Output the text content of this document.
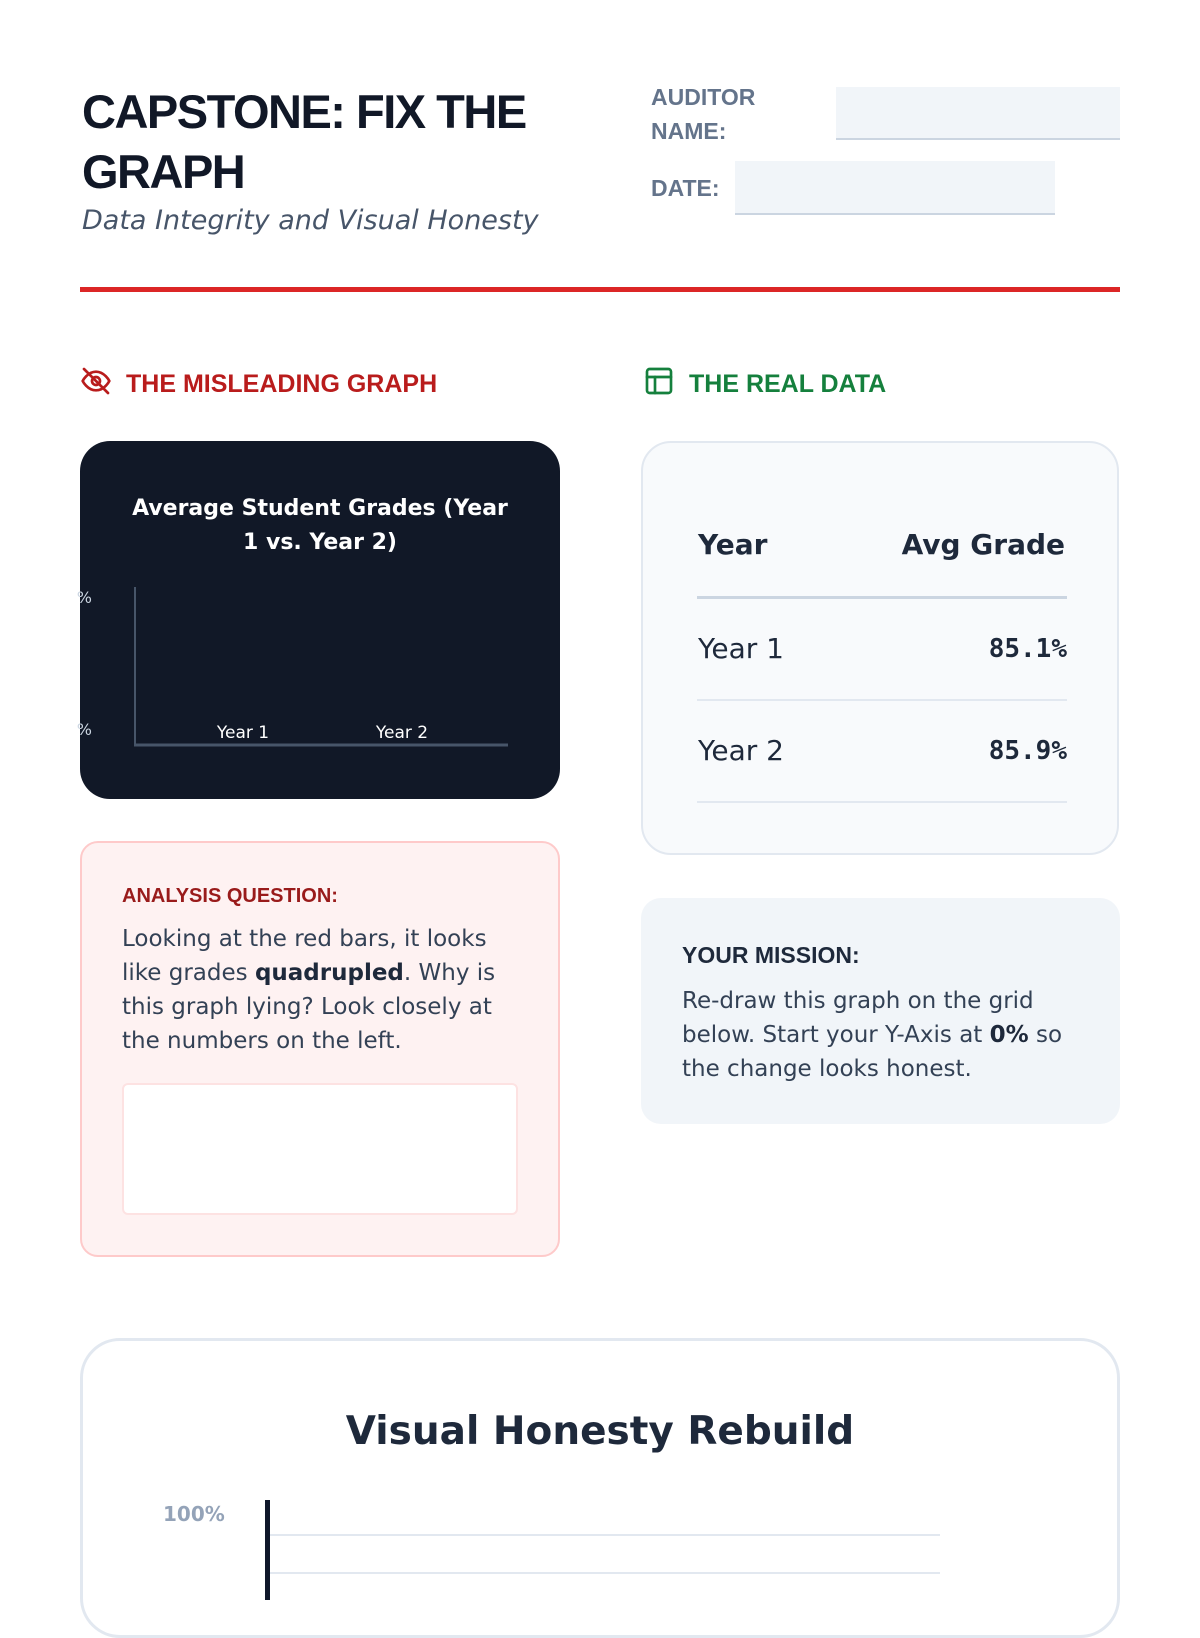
CAPSTONE: FIX THE GRAPH
Data Integrity and Visual Honesty
AUDITOR NAME:
DATE:
THE MISLEADING GRAPH	THE REAL DATA
%
%	Year 1	Year 2
Average Student Grades (Year 1 vs. Year 2)	Year	Avg Grade
Year 1	85.1%
Year 2	85.9%
ANALYSIS QUESTION:
Looking at the red bars, it looks like grades quadrupled. Why is this graph lying? Look closely at the numbers on the left.
YOUR MISSION:
Re-draw this graph on the grid below. Start your Y-Axis at 0% so the change looks honest.
Visual Honesty Rebuild
100%
